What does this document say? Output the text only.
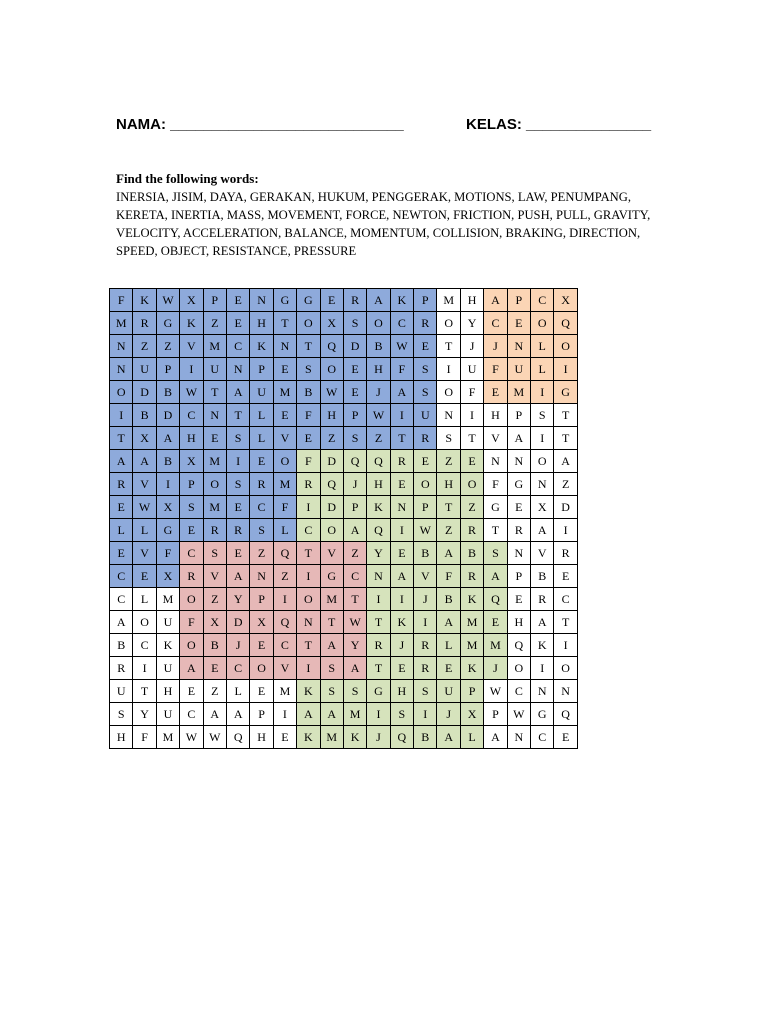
NAMA: ____________________________	KELAS: _______________
Find the following words:
INERSIA, JISIM, DAYA, GERAKAN, HUKUM, PENGGERAK, MOTIONS, LAW, PENUMPANG, KERETA, INERTIA, MASS, MOVEMENT, FORCE, NEWTON, FRICTION, PUSH, PULL, GRAVITY, VELOCITY, ACCELERATION, BALANCE, MOMENTUM, COLLISION, BRAKING, DIRECTION, SPEED, OBJECT, RESISTANCE, PRESSURE
F	K	W	X	P	E	N	G	G	E	R	A	K	P	M	H	A	P	C	X
M	R	G	K	Z	E	H	T	O	X	S	O	C	R	O	Y	C	E	O	Q
N	Z	Z	V	M	C	K	N	T	Q	D	B	W	E	T	J	J	N	L	O
N	U	P	I	U	N	P	E	S	O	E	H	F	S	I	U	F	U	L	I
O	D	B	W	T	A	U	M	B	W	E	J	A	S	O	F	E	M	I	G
I	B	D	C	N	T	L	E	F	H	P	W	I	U	N	I	H	P	S	T
T	X	A	H	E	S	L	V	E	Z	S	Z	T	R	S	T	V	A	I	T
A	A	B	X	M	I	E	O	F	D	Q	Q	R	E	Z	E	N	N	O	A
R	V	I	P	O	S	R	M	R	Q	J	H	E	O	H	O	F	G	N	Z
E	W	X	S	M	E	C	F	I	D	P	K	N	P	T	Z	G	E	X	D
L	L	G	E	R	R	S	L	C	O	A	Q	I	W	Z	R	T	R	A	I
E	V	F	C	S	E	Z	Q	T	V	Z	Y	E	B	A	B	S	N	V	R
C	E	X	R	V	A	N	Z	I	G	C	N	A	V	F	R	A	P	B	E
C	L	M	O	Z	Y	P	I	O	M	T	I	I	J	B	K	Q	E	R	C
A	O	U	F	X	D	X	Q	N	T	W	T	K	I	A	M	E	H	A	T
B	C	K	O	B	J	E	C	T	A	Y	R	J	R	L	M	M	Q	K	I
R	I	U	A	E	C	O	V	I	S	A	T	E	R	E	K	J	O	I	O
U	T	H	E	Z	L	E	M	K	S	S	G	H	S	U	P	W	C	N	N
S	Y	U	C	A	A	P	I	A	A	M	I	S	I	J	X	P	W	G	Q
H	F	M	W	W	Q	H	E	K	M	K	J	Q	B	A	L	A	N	C	E
